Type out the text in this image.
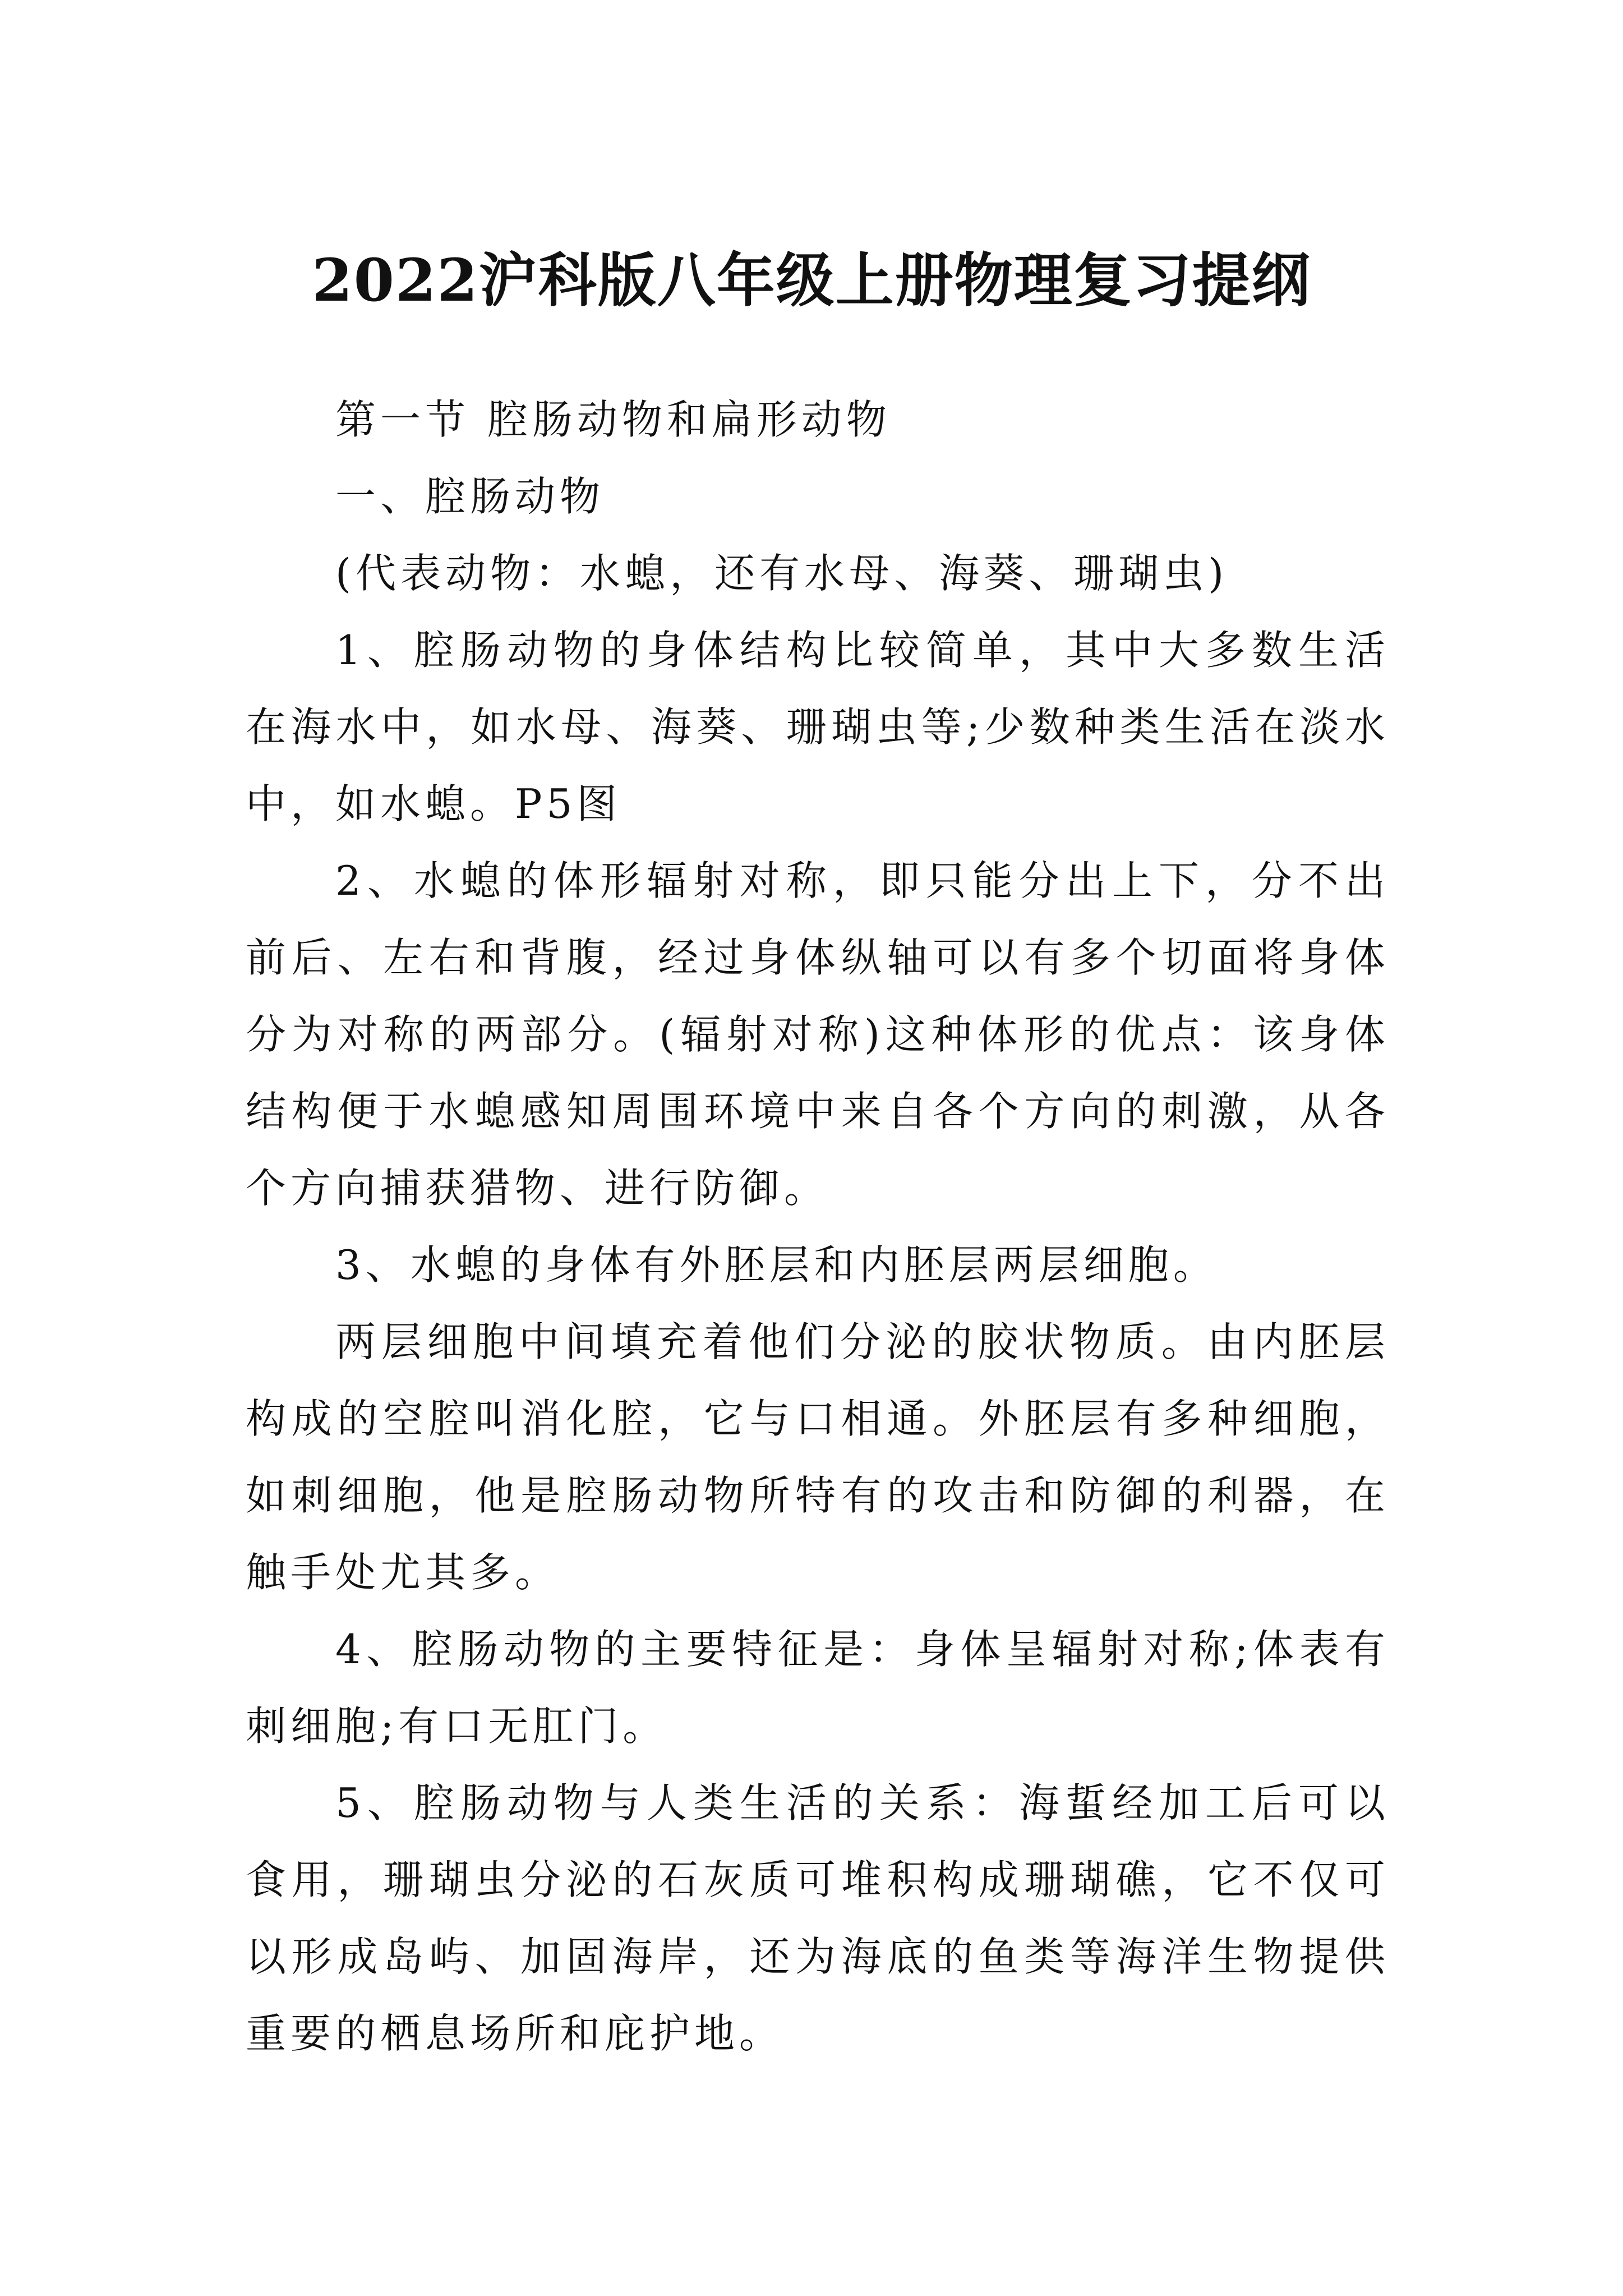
2022沪科版八年级上册物理复习提纲

第一节 腔肠动物和扁形动物

一、腔肠动物

(代表动物：水螅，还有水母、海葵、珊瑚虫)

1、腔肠动物的身体结构比较简单，其中大多数生活在海水中，如水母、海葵、珊瑚虫等;少数种类生活在淡水中，如水螅。P5图

2、水螅的体形辐射对称，即只能分出上下，分不出前后、左右和背腹，经过身体纵轴可以有多个切面将身体分为对称的两部分。(辐射对称)这种体形的优点：该身体结构便于水螅感知周围环境中来自各个方向的刺激，从各个方向捕获猎物、进行防御。

3、水螅的身体有外胚层和内胚层两层细胞。

两层细胞中间填充着他们分泌的胶状物质。由内胚层构成的空腔叫消化腔，它与口相通。外胚层有多种细胞，如刺细胞，他是腔肠动物所特有的攻击和防御的利器，在触手处尤其多。

4、腔肠动物的主要特征是：身体呈辐射对称;体表有刺细胞;有口无肛门。

5、腔肠动物与人类生活的关系：海蜇经加工后可以食用，珊瑚虫分泌的石灰质可堆积构成珊瑚礁，它不仅可以形成岛屿、加固海岸，还为海底的鱼类等海洋生物提供重要的栖息场所和庇护地。
